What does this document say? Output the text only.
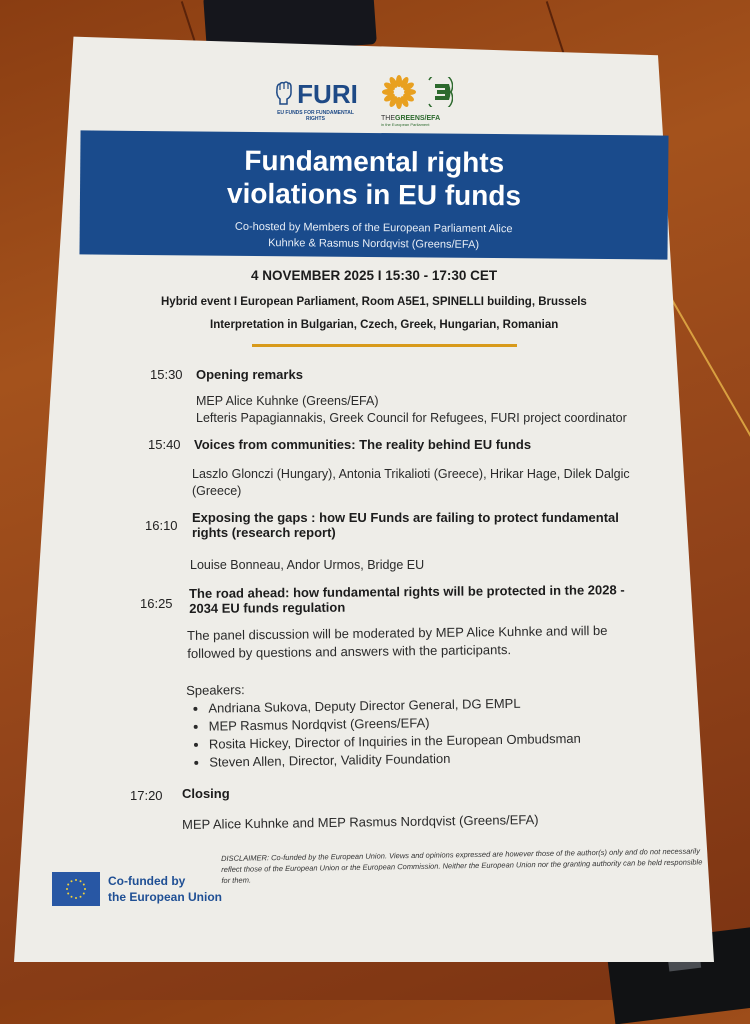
FURI
EU FUNDS FOR FUNDAMENTAL RIGHTS	THEGREENS/EFA
in the European Parliament
Fundamental rights
violations in EU funds
Co-hosted by Members of the European Parliament Alice
Kuhnke & Rasmus Nordqvist (Greens/EFA)
4 NOVEMBER 2025 I 15:30 - 17:30 CET
Hybrid event I European Parliament, Room A5E1, SPINELLI building, Brussels
Interpretation in Bulgarian, Czech, Greek, Hungarian, Romanian
15:30 Opening remarks
MEP Alice Kuhnke (Greens/EFA)
Lefteris Papagiannakis, Greek Council for Refugees, FURI project coordinator
15:40 Voices from communities: The reality behind EU funds
Laszlo Glonczi (Hungary), Antonia Trikalioti (Greece), Hrikar Hage, Dilek Dalgic
(Greece)
16:10
Exposing the gaps : how EU Funds are failing to protect fundamental
rights (research report)
Louise Bonneau, Andor Urmos, Bridge EU
16:25
The road ahead: how fundamental rights will be protected in the 2028 -
2034 EU funds regulation
The panel discussion will be moderated by MEP Alice Kuhnke and will be
followed by questions and answers with the participants.
Speakers:
• Andriana Sukova, Deputy Director General, DG EMPL
• MEP Rasmus Nordqvist (Greens/EFA)
• Rosita Hickey, Director of Inquiries in the European Ombudsman
• Steven Allen, Director, Validity Foundation
17:20 Closing
MEP Alice Kuhnke and MEP Rasmus Nordqvist (Greens/EFA)
Co-funded by
the European Union
DISCLAIMER: Co-funded by the European Union. Views and opinions expressed are however those of the author(s) only and do not necessarily reflect those of the European Union or the European Commission. Neither the European Union nor the granting authority can be held responsible for them.
